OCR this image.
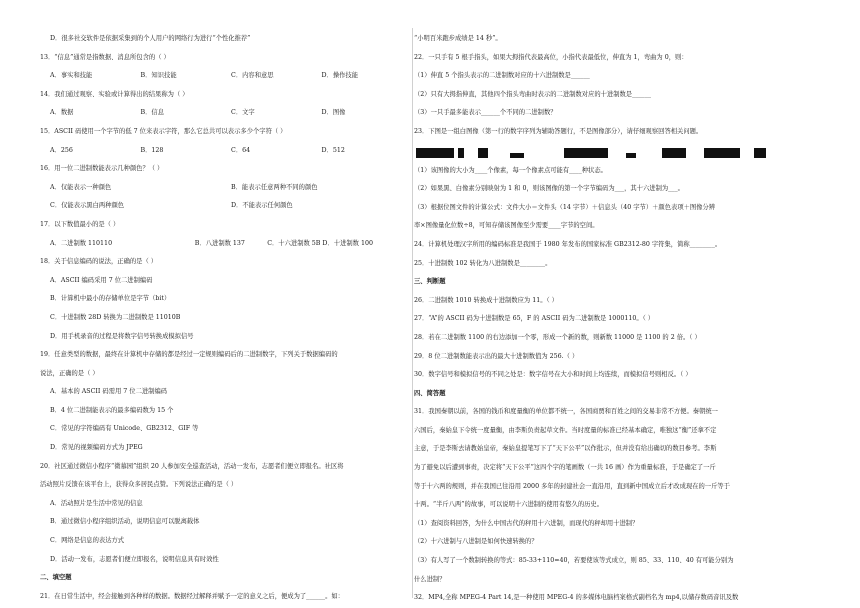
D．很多社交软件是依据采集到的个人用户的网络行为进行“个性化推荐”
13．“信息”通常是指数据、消息所包含的（ ）
A．事实和技能	B．知识技能	C．内容和意思	D．操作技能
14．我们通过观察、实验或计算得出的结果称为（ ）
A．数据	B．信息	C．文字	D．图像
15．ASCII 码使用一个字节的低 7 位来表示字符，那么它总共可以表示多少个字符（ ）
A．256	B．128	C．64	D．512
16．用一位二进制数能表示几种颜色？（ ）
A．仅能表示一种颜色	B．能表示任意两种不同的颜色
C．仅能表示黑白两种颜色	D．不能表示任何颜色
17．以下数值最小的是（ ）
A．二进制数 110110	B．八进制数 137	C．十六进制数 5B D．十进制数 100
18．关于信息编码的说法，正确的是（ ）
A．ASCII 编码采用 7 位二进制编码
B．计算机中最小的存储单位是字节（bit）
C．十进制数 28D 转换为二进制数是 11010B
D．用手机录音的过程是将数字信号转换成模拟信号
19．任意类型的数据，最终在计算机中存储的都是经过一定规则编码后的二进制数字，下列关于数据编码的
说法，正确的是（ ）
A．基本的 ASCII 码需用 7 位二进制编码
B．4 位二进制能表示的最多编码数为 15 个
C．常见的字符编码有 Unicode、GB2312、GIF 等
D．常见的视频编码方式为 JPEG
20．社区通过微信小程序“微慕园”组织 20 人参加安全巡查活动，活动一发布，志愿者们便立即报名。社区将
活动照片反馈在该平台上，获得众多居民点赞。下列说法正确的是（ ）
A．活动照片是生活中常见的信息
B．通过微信小程序组织活动，说明信息可以脱离载体
C．网络是信息的表达方式
D．活动一发布，志愿者们便立即报名，说明信息具有时效性
二、填空题
21．在日常生活中，经会接触到各种样的数据。数据经过解释并赋予一定的意义之后，便成为了______。如：
“小明百米跑步成绩是 14 秒”。
22．一只手有 5 根手指头，如果大拇指代表最高位，小指代表最低位，伸直为 1，弯曲为 0，则：
（1）伸直 5 个指头表示的二进制数对应的十六进制数是______
（2）只有大拇指伸直，其他四个指头弯曲时表示的二进制数对应的十进制数是______
（3）一只手最多能表示______个不同的二进制数？
23．下图是一组白图像（第一行的数字序列为辅助答题行，不是图像部分），请仔细观察回答相关问题。
（1）该图像的大小为____个像素，每一个像素点可能有____种状态。
（2）如果黑、白像素分别映射为 1 和 0，则该图像的第一个字节编码为___，其十六进制为___。
（3）根据位图文件的计算公式：文件大小＝文件头（14 字节）＋信息头（40 字节）＋颜色表项＋图像分辨
率×图像量化位数÷8，可知存储该图像至少需要____字节的空间。
24．计算机处理汉字所用的编码标准是我国于 1980 年发布的国家标准 GB2312-80 字符集，简称________。
25．十进制数 102 转化为八进制数是________。
三、判断题
26．二进制数 1010 转换成十进制数应为 11。（ ）
27．“A”的 ASCII 码为十进制数是 65，F 的 ASCII 码为二进制数是 1000110。（ ）
28．若在二进制数 1100 的右边添加一个零，形成一个新的数，则新数 11000 是 1100 的 2 倍。（ ）
29．8 位二进制数能表示出的最大十进制数值为 256.（ ）
30．数字信号和模拟信号的不同之处是：数字信号在大小和时间上均连续，而模拟信号则相反。（ ）
四、简答题
31．我国秦朝以前，各国的钱币和度量衡的单位都不统一，各国商贾和百姓之间的交易非常不方便。秦朝统一
六国后，秦始皇下令统一度量衡，由李斯负责起草文件。当时度量的标准已经基本确定，唯独这“衡”还拿不定
主意，于是李斯去请教始皇帝，秦始皇提笔写下了“天下公平”以作批示，但并没有给出确切的数目参考。李斯
为了避免以后遭到事责，决定将“天下公平”这四个字的笔画数（一共 16 画）作为重量标准，于是确定了一斤
等于十六两的规则，并在我国已往沿用 2000 多年的封建社会一直沿用，直到新中国成立后才改成现在的一斤等于
十两。“半斤八两”的故事，可以说明十六进制的使用有悠久的历史。
（1）查阅资料回答，为什么中国古代的秤用十六进制，而现代的秤却用十进制？
（2）十六进制与八进制是如何快速转换的？
（3）有人写了一个数制转换的等式：85-33+110=40，若要使该等式成立，则 85、33、110、40 有可能分别为
什么进制？
32．MP4,全称 MPEG-4 Part 14,是一种使用 MPEG-4 的多媒体电脑档案格式副档名为 mp4,以储存数码音讯及数
